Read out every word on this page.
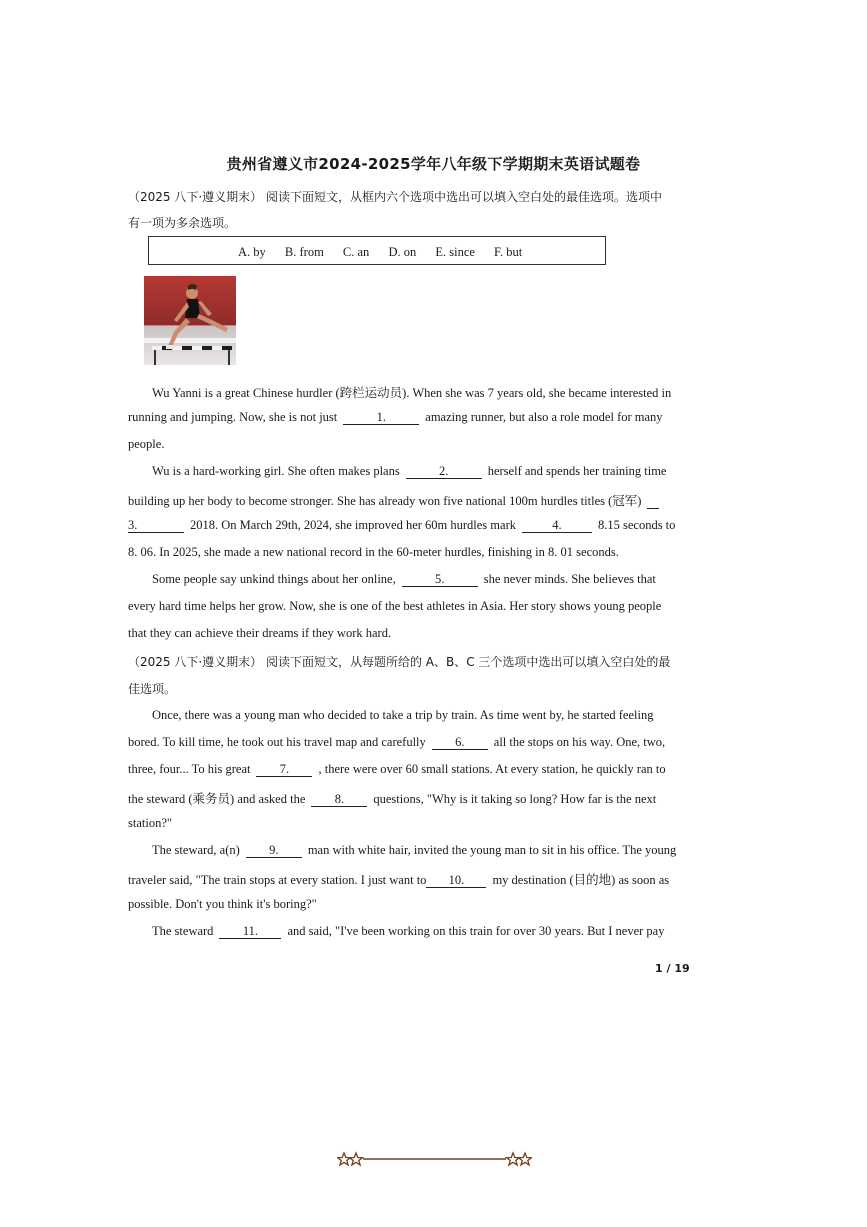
贵州省遵义市2024-2025学年八年级下学期期末英语试题卷
（2025 八下·遵义期末） 阅读下面短文，从框内六个选项中选出可以填入空白处的最佳选项。选项中
有一项为多余选项。
A. by B. from C. an D. on E. since F. but
Wu Yanni is a great Chinese hurdler (跨栏运动员). When she was 7 years old, she became interested in
running and jumping. Now, she is not just	1.	amazing runner, but also a role model for many
people.
Wu is a hard-working girl. She often makes plans	2.	herself and spends her training time
building up her body to become stronger. She has already won five national 100m hurdles titles (冠军)
3.	2018. On March 29th, 2024, she improved her 60m hurdles mark	4.	8.15 seconds to
8. 06. In 2025, she made a new national record in the 60-meter hurdles, finishing in 8. 01 seconds.
Some people say unkind things about her online,	5.	she never minds. She believes that
every hard time helps her grow. Now, she is one of the best athletes in Asia. Her story shows young people
that they can achieve their dreams if they work hard.
（2025 八下·遵义期末） 阅读下面短文，从每题所给的 A、B、C 三个选项中选出可以填入空白处的最
佳选项。
Once, there was a young man who decided to take a trip by train. As time went by, he started feeling
bored. To kill time, he took out his travel map and carefully 6. all the stops on his way. One, two,
three, four... To his great 7. , there were over 60 small stations. At every station, he quickly ran to
the steward (乘务员) and asked the 8. questions, "Why is it taking so long? How far is the next
station?"
The steward, a(n) 9. man with white hair, invited the young man to sit in his office. The young
traveler said, "The train stops at every station. I just want to 10. my destination (目的地) as soon as
possible. Don't you think it's boring?"
The steward 11. and said, "I've been working on this train for over 30 years. But I never pay
1 / 19
